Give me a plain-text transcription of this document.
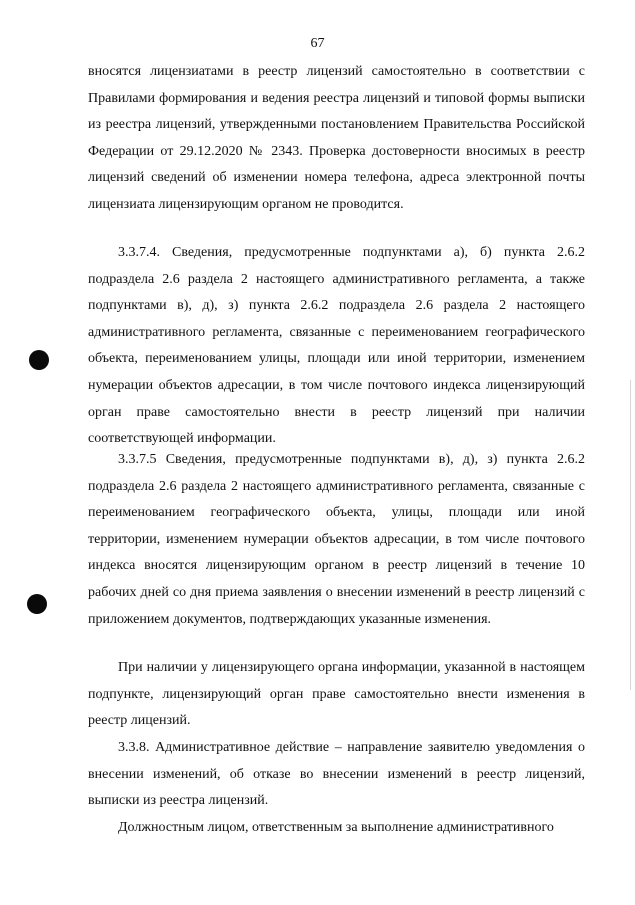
67

вносятся лицензиатами в реестр лицензий самостоятельно в соответствии с Правилами формирования и ведения реестра лицензий и типовой формы выписки из реестра лицензий, утвержденными постановлением Правительства Российской Федерации от 29.12.2020 № 2343. Проверка достоверности вносимых в реестр лицензий сведений об изменении номера телефона, адреса электронной почты лицензиата лицензирующим органом не проводится.

3.3.7.4. Сведения, предусмотренные подпунктами а), б) пункта 2.6.2 подраздела 2.6 раздела 2 настоящего административного регламента, а также подпунктами в), д), з) пункта 2.6.2 подраздела 2.6 раздела 2 настоящего административного регламента, связанные с переименованием географического объекта, переименованием улицы, площади или иной территории, изменением нумерации объектов адресации, в том числе почтового индекса лицензирующий орган праве самостоятельно внести в реестр лицензий при наличии соответствующей информации.

3.3.7.5 Сведения, предусмотренные подпунктами в), д), з) пункта 2.6.2 подраздела 2.6 раздела 2 настоящего административного регламента, связанные с переименованием географического объекта, улицы, площади или иной территории, изменением нумерации объектов адресации, в том числе почтового индекса вносятся лицензирующим органом в реестр лицензий в течение 10 рабочих дней со дня приема заявления о внесении изменений в реестр лицензий с приложением документов, подтверждающих указанные изменения.

При наличии у лицензирующего органа информации, указанной в настоящем подпункте, лицензирующий орган праве самостоятельно внести изменения в реестр лицензий.

3.3.8. Административное действие – направление заявителю уведомления о внесении изменений, об отказе во внесении изменений в реестр лицензий, выписки из реестра лицензий.

Должностным лицом, ответственным за выполнение административного
